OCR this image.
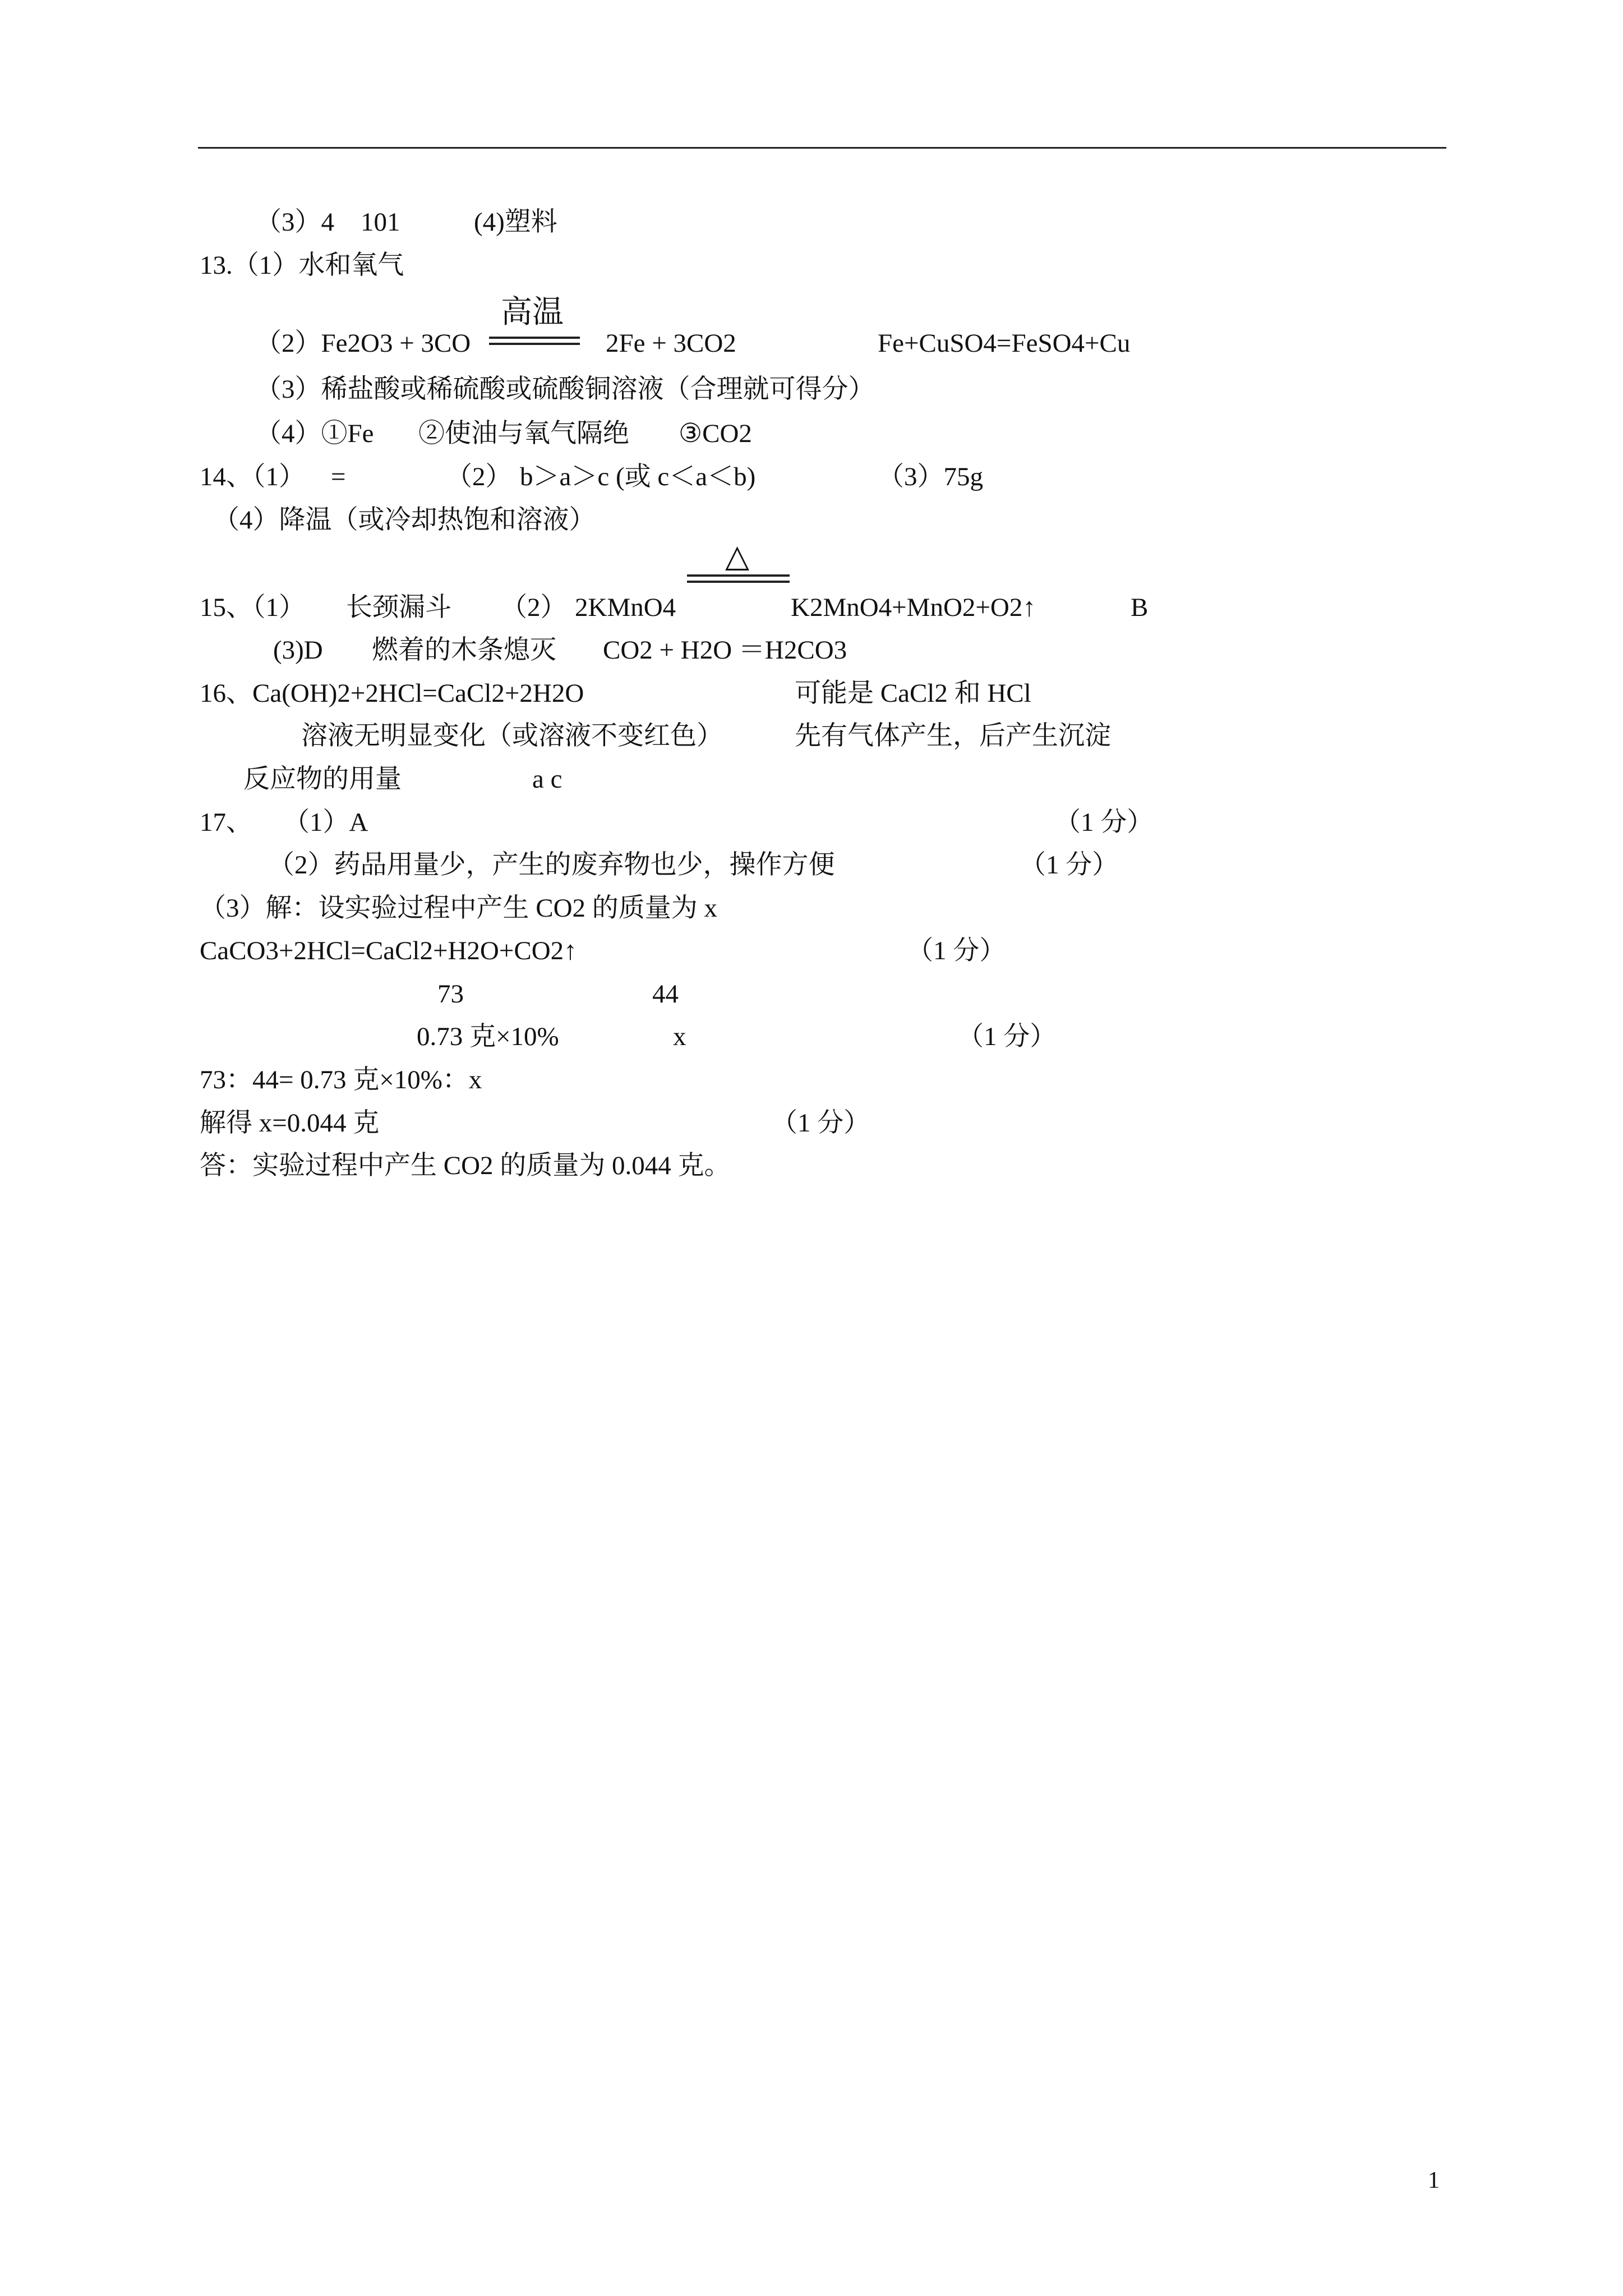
（3）4 101	(4)塑料
13.（1）水和氧气
高温
（2）Fe2O3 + 3CO	2Fe + 3CO2	Fe+CuSO4=FeSO4+Cu
（3）稀盐酸或稀硫酸或硫酸铜溶液（合理就可得分）
（4）①Fe ②使油与氧气隔绝 ③CO2
14、（1） =	（2） b＞a＞c (或 c＜a＜b)	（3）75g
（4）降温（或冷却热饱和溶液）
△
15、（1） 长颈漏斗 （2） 2KMnO4	K2MnO4+MnO2+O2↑	B
(3)D 燃着的木条熄灭 CO2 + H2O ＝H2CO3
16、Ca(OH)2+2HCl=CaCl2+2H2O	可能是 CaCl2 和 HCl
溶液无明显变化（或溶液不变红色）	先有气体产生，后产生沉淀
反应物的用量	a c
17、 （1）A	（1 分）
（2）药品用量少，产生的废弃物也少，操作方便	（1 分）
（3）解：设实验过程中产生 CO2 的质量为 x
CaCO3+2HCl=CaCl2+H2O+CO2↑	（1 分）
73	44
0.73 克×10%	x	（1 分）
73：44= 0.73 克×10%：x
解得 x=0.044 克	（1 分）
答：实验过程中产生 CO2 的质量为 0.044 克。
1
